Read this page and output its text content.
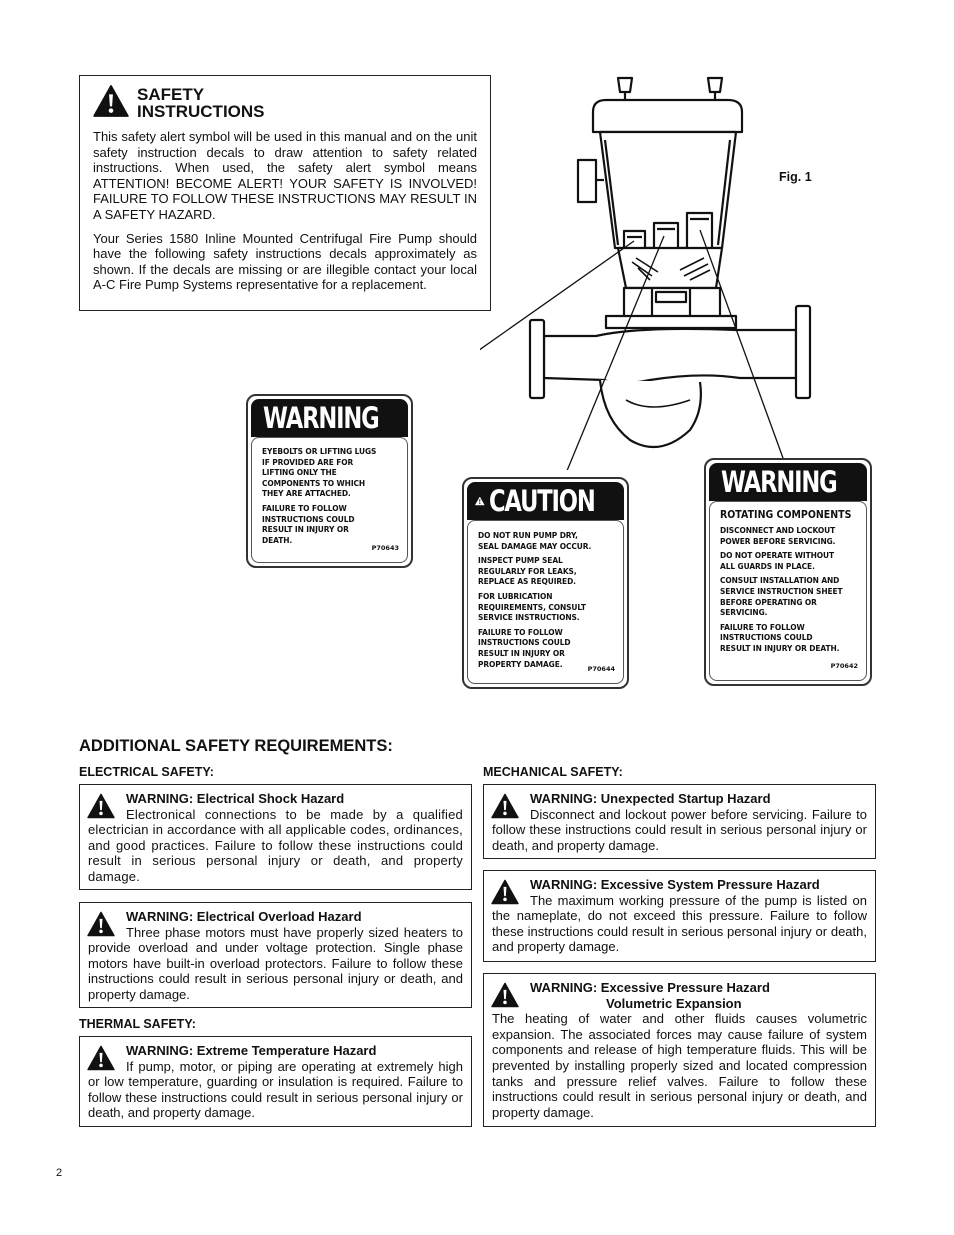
SAFETY
INSTRUCTIONS

This safety alert symbol will be used in this manual and on the unit safety instruction decals to draw attention to safety related instructions. When used, the safety alert symbol means ATTENTION! BECOME ALERT! YOUR SAFETY IS INVOLVED! FAILURE TO FOLLOW THESE INSTRUCTIONS MAY RESULT IN A SAFETY HAZARD.

Your Series 1580 Inline Mounted Centrifugal Fire Pump should have the following safety instructions decals approximately as shown. If the decals are missing or are illegible contact your local A-C Fire Pump Systems representative for a replacement.

Fig. 1
WARNING

EYEBOLTS OR LIFTING LUGS IF PROVIDED ARE FOR LIFTING ONLY THE COMPONENTS TO WHICH THEY ARE ATTACHED.

FAILURE TO FOLLOW INSTRUCTIONS COULD RESULT IN INJURY OR DEATH.

P70643
CAUTION

DO NOT RUN PUMP DRY, SEAL DAMAGE MAY OCCUR.

INSPECT PUMP SEAL REGULARLY FOR LEAKS, REPLACE AS REQUIRED.

FOR LUBRICATION REQUIREMENTS, CONSULT SERVICE INSTRUCTIONS.

FAILURE TO FOLLOW INSTRUCTIONS COULD RESULT IN INJURY OR PROPERTY DAMAGE.

P70644
WARNING
ROTATING COMPONENTS

DISCONNECT AND LOCKOUT POWER BEFORE SERVICING.

DO NOT OPERATE WITHOUT ALL GUARDS IN PLACE.

CONSULT INSTALLATION AND SERVICE INSTRUCTION SHEET BEFORE OPERATING OR SERVICING.

FAILURE TO FOLLOW INSTRUCTIONS COULD RESULT IN INJURY OR DEATH.

P70642
ADDITIONAL SAFETY REQUIREMENTS:
ELECTRICAL SAFETY:	MECHANICAL SAFETY:
THERMAL SAFETY:
WARNING: Electrical Shock Hazard
Electronical connections to be made by a qualified electrician in accordance with all applicable codes, ordinances, and good practices. Failure to follow these instructions could result in serious personal injury or death, and property damage.
WARNING: Electrical Overload Hazard
Three phase motors must have properly sized heaters to provide overload and under voltage protection. Single phase motors have built-in overload protectors. Failure to follow these instructions could result in serious personal injury or death, and property damage.
WARNING: Extreme Temperature Hazard
If pump, motor, or piping are operating at extremely high or low temperature, guarding or insulation is required. Failure to follow these instructions could result in serious personal injury or death, and property damage.
WARNING: Unexpected Startup Hazard
Disconnect and lockout power before servicing. Failure to follow these instructions could result in serious personal injury or death, and property damage.
WARNING: Excessive System Pressure Hazard
The maximum working pressure of the pump is listed on the nameplate, do not exceed this pressure. Failure to follow these instructions could result in serious personal injury or death, and property damage.
WARNING: Excessive Pressure Hazard
Volumetric Expansion
The heating of water and other fluids causes volumetric expansion. The associated forces may cause failure of system components and release of high temperature fluids. This will be prevented by installing properly sized and located compression tanks and pressure relief valves. Failure to follow these instructions could result in serious personal injury or death, and property damage.
2
